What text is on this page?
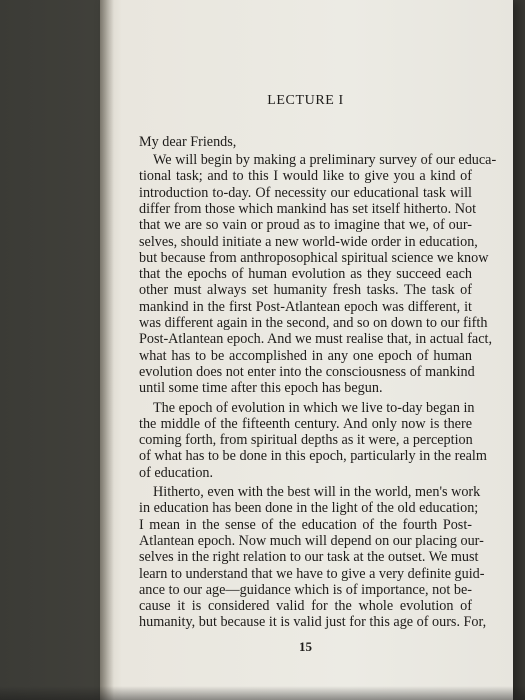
LECTURE I
My dear Friends,
We will begin by making a preliminary survey of our educa-
tional task; and to this I would like to give you a kind of
introduction to-day. Of necessity our educational task will
differ from those which mankind has set itself hitherto. Not
that we are so vain or proud as to imagine that we, of our-
selves, should initiate a new world-wide order in education,
but because from anthroposophical spiritual science we know
that the epochs of human evolution as they succeed each
other must always set humanity fresh tasks. The task of
mankind in the first Post-Atlantean epoch was different, it
was different again in the second, and so on down to our fifth
Post-Atlantean epoch. And we must realise that, in actual fact,
what has to be accomplished in any one epoch of human
evolution does not enter into the consciousness of mankind
until some time after this epoch has begun.
The epoch of evolution in which we live to-day began in
the middle of the fifteenth century. And only now is there
coming forth, from spiritual depths as it were, a perception
of what has to be done in this epoch, particularly in the realm
of education.
Hitherto, even with the best will in the world, men's work
in education has been done in the light of the old education;
I mean in the sense of the education of the fourth Post-
Atlantean epoch. Now much will depend on our placing our-
selves in the right relation to our task at the outset. We must
learn to understand that we have to give a very definite guid-
ance to our age—guidance which is of importance, not be-
cause it is considered valid for the whole evolution of
humanity, but because it is valid just for this age of ours. For,
15
